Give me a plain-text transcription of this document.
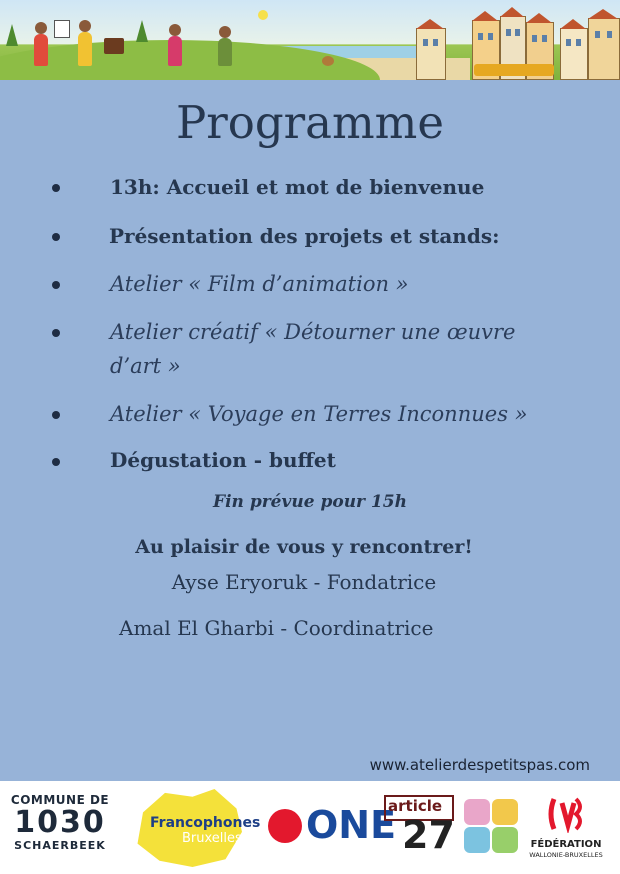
Programme
13h: Accueil et mot de bienvenue
Présentation des projets et stands:
Atelier « Film d’animation »
Atelier créatif « Détourner une œuvre d’art »
Atelier « Voyage en Terres Inconnues »
Dégustation - buffet
Fin prévue pour 15h
Au plaisir de vous y rencontrer!
Ayse Eryoruk - Fondatrice
Amal El Gharbi - Coordinatrice
www.atelierdespetitspas.com
COMMUNE DE
1030
SCHAERBEEK
Francophones
Bruxelles ONE
article
27	FÉDÉRATION
WALLONIE-BRUXELLES
